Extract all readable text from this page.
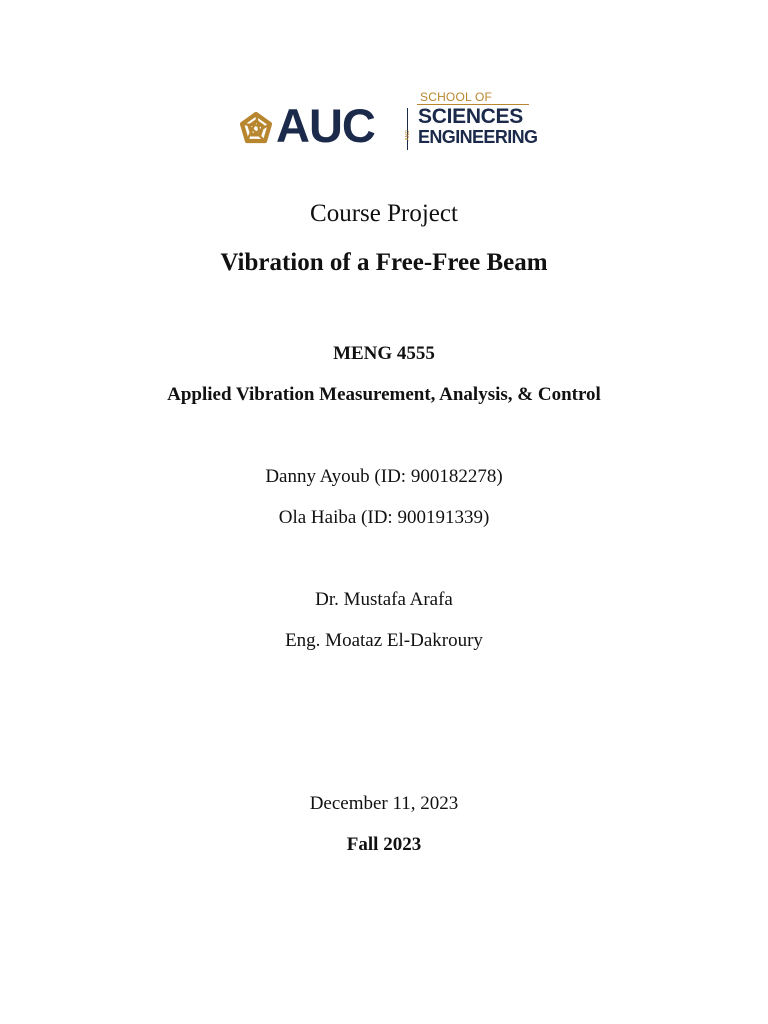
AUC
SCHOOL OF
SCIENCES
AND ENGINEERING
Course Project
Vibration of a Free-Free Beam
MENG 4555
Applied Vibration Measurement, Analysis, & Control
Danny Ayoub (ID: 900182278)
Ola Haiba (ID: 900191339)
Dr. Mustafa Arafa
Eng. Moataz El-Dakroury
December 11, 2023
Fall 2023
